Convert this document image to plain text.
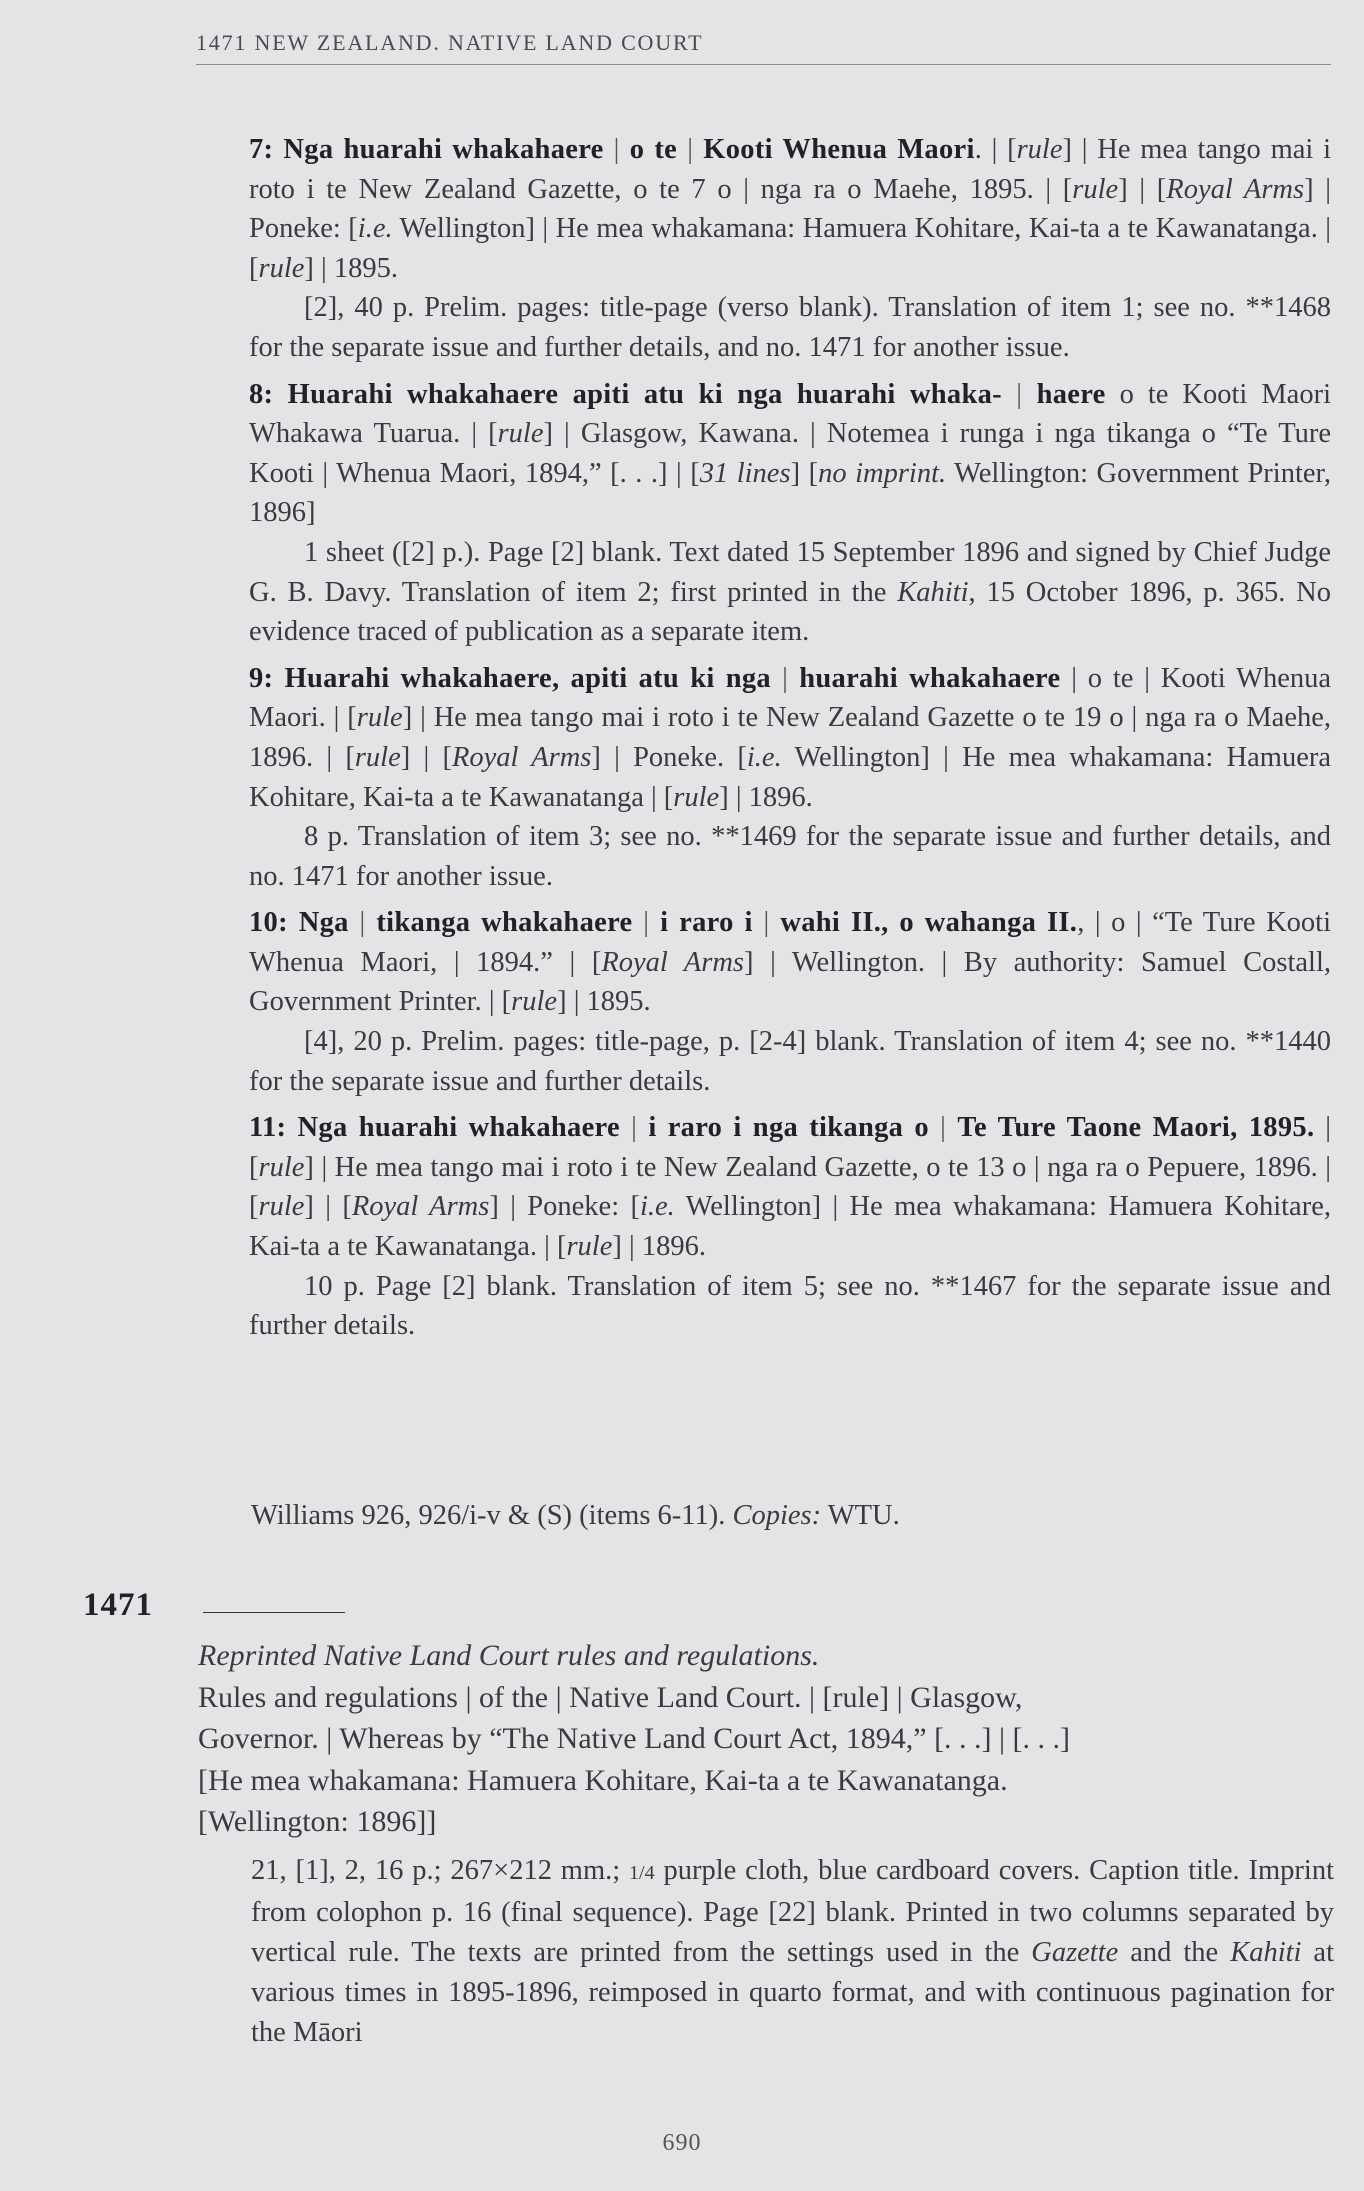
1471 NEW ZEALAND. NATIVE LAND COURT

7: Nga huarahi whakahaere | o te | Kooti Whenua Maori. | [rule] | He mea tango mai i roto i te New Zealand Gazette, o te 7 o | nga ra o Maehe, 1895. | [rule] | [Royal Arms] | Poneke: [i.e. Wellington] | He mea whakamana: Hamuera Kohitare, Kai-ta a te Kawanatanga. | [rule] | 1895.

[2], 40 p. Prelim. pages: title-page (verso blank). Translation of item 1; see no. **1468 for the separate issue and further details, and no. 1471 for another issue.

8: Huarahi whakahaere apiti atu ki nga huarahi whaka- | haere o te Kooti Maori Whakawa Tuarua. | [rule] | Glasgow, Kawana. | Notemea i runga i nga tikanga o “Te Ture Kooti | Whenua Maori, 1894,” [. . .] | [31 lines] [no imprint. Wellington: Government Printer, 1896]

1 sheet ([2] p.). Page [2] blank. Text dated 15 September 1896 and signed by Chief Judge G. B. Davy. Translation of item 2; first printed in the Kahiti, 15 October 1896, p. 365. No evidence traced of publication as a separate item.

9: Huarahi whakahaere, apiti atu ki nga | huarahi whakahaere | o te | Kooti Whenua Maori. | [rule] | He mea tango mai i roto i te New Zealand Gazette o te 19 o | nga ra o Maehe, 1896. | [rule] | [Royal Arms] | Poneke. [i.e. Wellington] | He mea whakamana: Hamuera Kohitare, Kai-ta a te Kawanatanga | [rule] | 1896.

8 p. Translation of item 3; see no. **1469 for the separate issue and further details, and no. 1471 for another issue.

10: Nga | tikanga whakahaere | i raro i | wahi II., o wahanga II., | o | “Te Ture Kooti Whenua Maori, | 1894.” | [Royal Arms] | Wellington. | By authority: Samuel Costall, Government Printer. | [rule] | 1895.

[4], 20 p. Prelim. pages: title-page, p. [2-4] blank. Translation of item 4; see no. **1440 for the separate issue and further details.

11: Nga huarahi whakahaere | i raro i nga tikanga o | Te Ture Taone Maori, 1895. | [rule] | He mea tango mai i roto i te New Zealand Gazette, o te 13 o | nga ra o Pepuere, 1896. | [rule] | [Royal Arms] | Poneke: [i.e. Wellington] | He mea whakamana: Hamuera Kohitare, Kai-ta a te Kawanatanga. | [rule] | 1896.

10 p. Page [2] blank. Translation of item 5; see no. **1467 for the separate issue and further details.

Williams 926, 926/i-v & (S) (items 6-11). Copies: WTU.
1471

Reprinted Native Land Court rules and regulations.

Rules and regulations | of the | Native Land Court. | [rule] | Glasgow,

Governor. | Whereas by “The Native Land Court Act, 1894,” [. . .] | [. . .]

[He mea whakamana: Hamuera Kohitare, Kai-ta a te Kawanatanga.

[Wellington: 1896]]

21, [1], 2, 16 p.; 267×212 mm.; 1/4 purple cloth, blue cardboard covers. Caption title. Imprint from colophon p. 16 (final sequence). Page [22] blank. Printed in two columns separated by vertical rule. The texts are printed from the settings used in the Gazette and the Kahiti at various times in 1895-1896, reimposed in quarto format, and with continuous pagination for the Māori

690
